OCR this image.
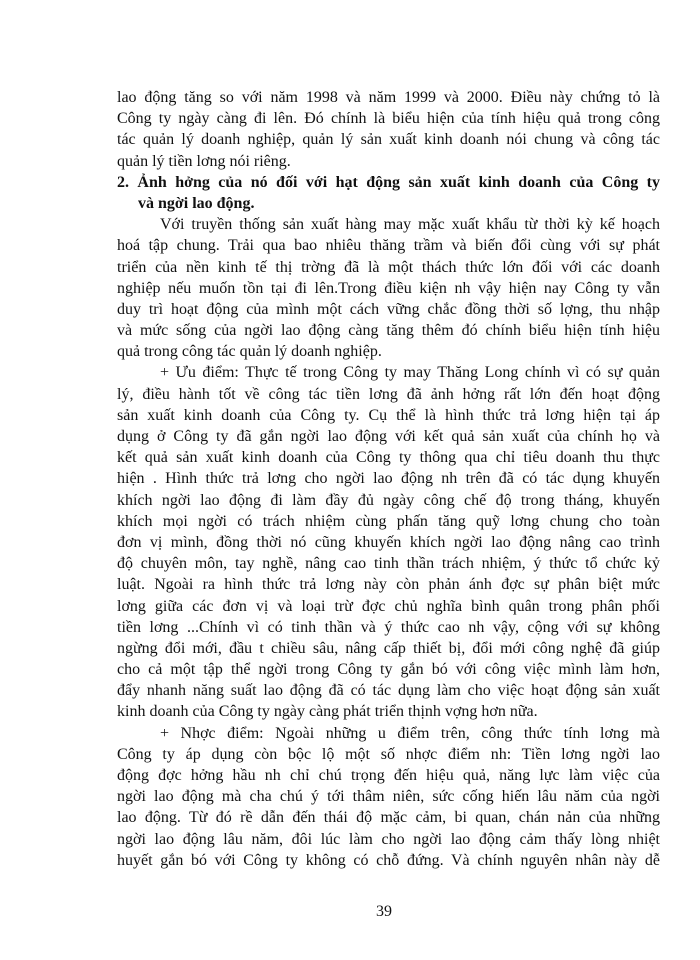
lao động tăng so với năm 1998 và năm 1999 và 2000. Điều này chứng tỏ là
Công ty ngày càng đi lên. Đó chính là biểu hiện của tính hiệu quả trong công
tác quản lý doanh nghiệp, quản lý sản xuất kinh doanh nói chung và công tác
quản lý tiền lơng nói riêng.
2. Ảnh hởng của nó đối với hạt động sản xuất kinh doanh của Công ty
và ngời lao động.
Với truyền thống sản xuất hàng may mặc xuất khẩu từ thời kỳ kế hoạch
hoá tập chung. Trải qua bao nhiêu thăng trầm và biến đổi cùng với sự phát
triển của nền kinh tế thị trờng đã là một thách thức lớn đối với các doanh
nghiệp nếu muốn tồn tại đi lên.Trong điều kiện nh vậy hiện nay Công ty vẫn
duy trì hoạt động của mình một cách vững chắc đồng thời số lợng, thu nhập
và mức sống của ngời lao động càng tăng thêm đó chính biểu hiện tính hiệu
quả trong công tác quản lý doanh nghiệp.
+ Ưu điểm: Thực tế trong Công ty may Thăng Long chính vì có sự quản
lý, điều hành tốt về công tác tiền lơng đã ảnh hởng rất lớn đến hoạt động
sản xuất kinh doanh của Công ty. Cụ thể là hình thức trả lơng hiện tại áp
dụng ở Công ty đã gắn ngời lao động với kết quả sản xuất của chính họ và
kết quả sản xuất kinh doanh của Công ty thông qua chỉ tiêu doanh thu thực
hiện . Hình thức trả lơng cho ngời lao động nh trên đã có tác dụng khuyến
khích ngời lao động đi làm đầy đủ ngày công chế độ trong tháng, khuyến
khích mọi ngời có trách nhiệm cùng phấn tăng quỹ lơng chung cho toàn
đơn vị mình, đồng thời nó cũng khuyến khích ngời lao động nâng cao trình
độ chuyên môn, tay nghề, nâng cao tinh thần trách nhiệm, ý thức tổ chức kỷ
luật. Ngoài ra hình thức trả lơng này còn phản ánh đợc sự phân biệt mức
lơng giữa các đơn vị và loại trừ đợc chủ nghĩa bình quân trong phân phối
tiền lơng ...Chính vì có tinh thần và ý thức cao nh vậy, cộng với sự không
ngừng đổi mới, đầu t chiều sâu, nâng cấp thiết bị, đổi mới công nghệ đã giúp
cho cả một tập thể ngời trong Công ty gắn bó với công việc mình làm hơn,
đẩy nhanh năng suất lao động đã có tác dụng làm cho việc hoạt động sản xuất
kinh doanh của Công ty ngày càng phát triển thịnh vợng hơn nữa.
+ Nhợc điểm: Ngoài những u điểm trên, công thức tính lơng mà
Công ty áp dụng còn bộc lộ một số nhợc điểm nh: Tiền lơng ngời lao
động đợc hởng hầu nh chỉ chú trọng đến hiệu quả, năng lực làm việc của
ngời lao động mà cha chú ý tới thâm niên, sức cống hiến lâu năm của ngời
lao động. Từ đó rề dẫn đến thái độ mặc cảm, bi quan, chán nản của những
ngời lao động lâu năm, đôi lúc làm cho ngời lao động cảm thấy lòng nhiệt
huyết gắn bó với Công ty không có chỗ đứng. Và chính nguyên nhân này dễ
39
